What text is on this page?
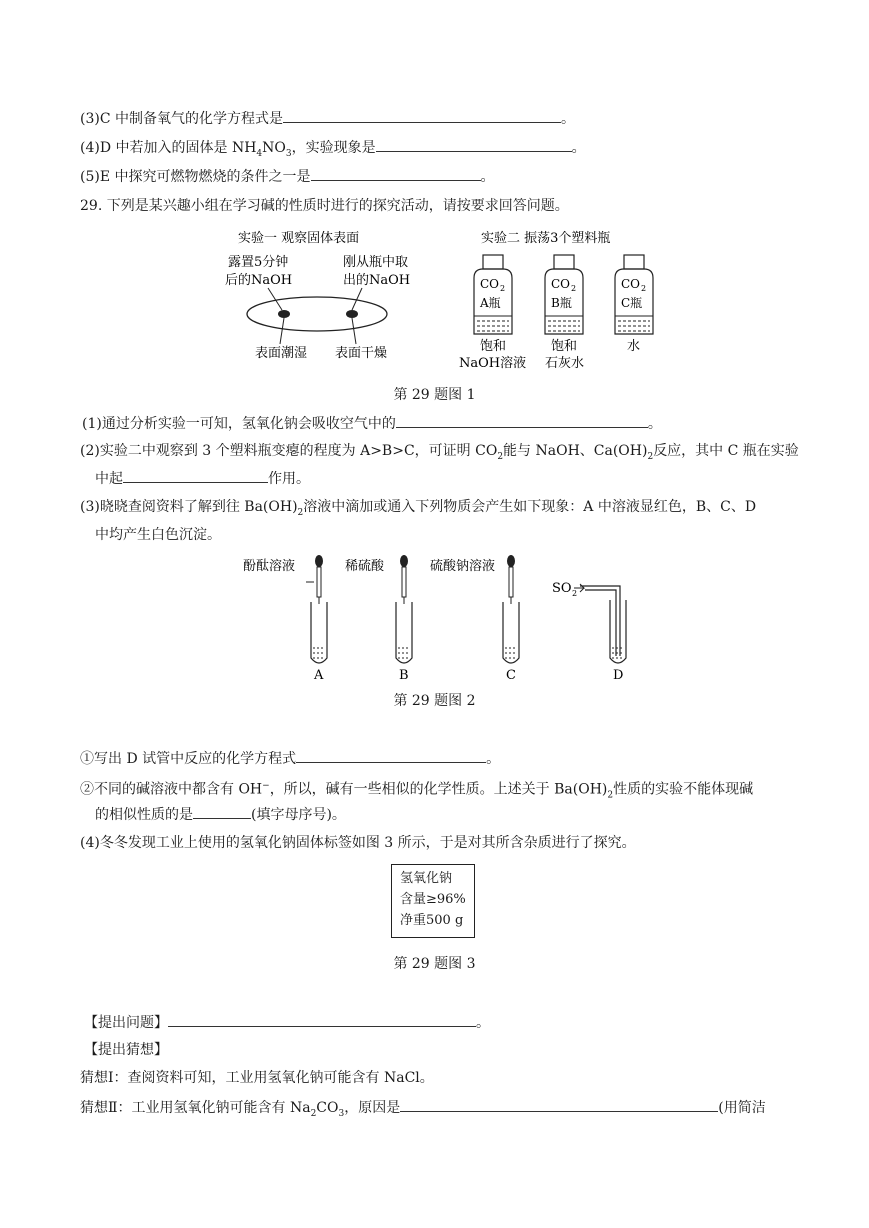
(3)C 中制备氧气的化学方程式是	。
(4)D 中若加入的固体是 $NH_4NO_3$，实验现象是	。
(5)E 中探究可燃物燃烧的条件之一是	。
29. 下列是某兴趣小组在学习碱的性质时进行的探究活动，请按要求回答问题。
实验一 观察固体表面
露置5分钟
后的NaOH
刚从瓶中取
出的NaOH
表面潮湿 表面干燥
实验二 振荡3个塑料瓶
CO 2
A瓶
饱和
NaOH溶液
CO 2
B瓶
饱和
石灰水
CO 2
C瓶
水
第 29 题图 1
(1)通过分析实验一可知，氢氧化钠会吸收空气中的	。
(2)实验二中观察到 3 个塑料瓶变瘪的程度为 A>B>C，可证明 $CO_2$能与 NaOH、$Ca(OH)_2$反应，其中 C 瓶在实验
中起	作用。
(3)晓晓查阅资料了解到往 $Ba(OH)_2$溶液中滴加或通入下列物质会产生如下现象：A 中溶液显红色，B、C、D
中均产生白色沉淀。
酚酞溶液	稀硫酸	硫酸钠溶液
SO 2
A	B	C	D
第 29 题图 2
①写出 D 试管中反应的化学方程式	。
②不同的碱溶液中都含有 OH−，所以，碱有一些相似的化学性质。上述关于 $Ba(OH)_2$性质的实验不能体现碱
的相似性质的是	(填字母序号)。
(4)冬冬发现工业上使用的氢氧化钠固体标签如图 3 所示，于是对其所含杂质进行了探究。
氢氧化钠
含量≥96%
净重500 g
第 29 题图 3
【提出问题】	。
【提出猜想】
猜想Ⅰ：查阅资料可知，工业用氢氧化钠可能含有 NaCl。
猜想Ⅱ：工业用氢氧化钠可能含有 $Na_2CO_3$，原因是	(用简洁
